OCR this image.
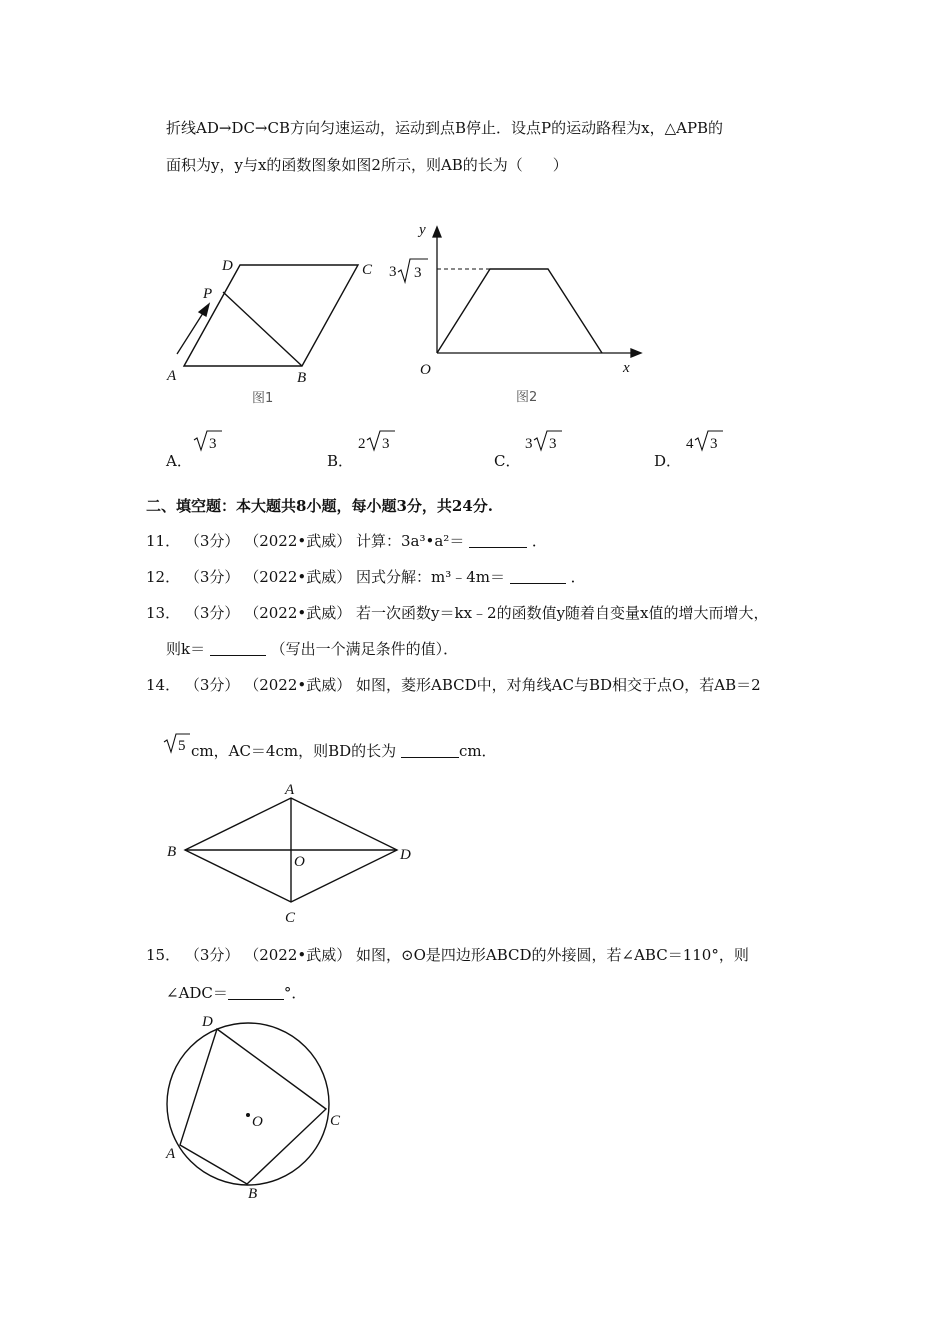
折线AD→DC→CB方向匀速运动，运动到点B停止．设点P的运动路程为x，△APB的
面积为y，y与x的函数图象如图2所示，则AB的长为（　　）
D	C
P
A	B
图1
y
x
O
3 3
图2
A．
3
B．
2 3
C．
3 3
D．
4 3
二、填空题：本大题共8小题，每小题3分，共24分.
11． （3分） （2022•武威） 计算：3a³•a²＝	．
12． （3分） （2022•武威） 因式分解：m³﹣4m＝	．
13． （3分） （2022•武威） 若一次函数y＝kx﹣2的函数值y随着自变量x值的增大而增大，
则k＝	（写出一个满足条件的值）．
14． （3分） （2022•武威） 如图，菱形ABCD中，对角线AC与BD相交于点O，若AB＝2
5 cm，AC＝4cm，则BD的长为	cm．
A
B
O	D
C
15． （3分） （2022•武威） 如图，⊙O是四边形ABCD的外接圆，若∠ABC＝110°，则
∠ADC＝	°．
D
O	C
A
B
